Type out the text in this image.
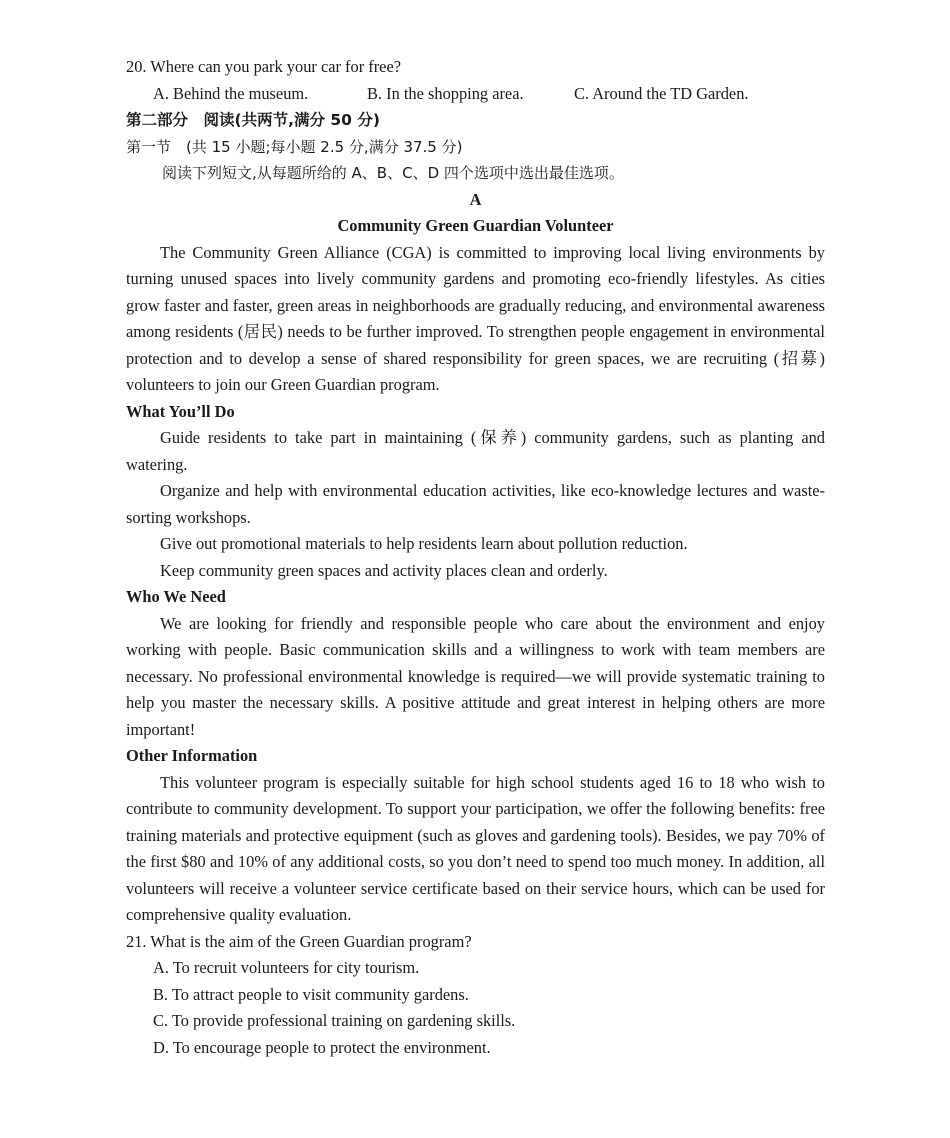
20. Where can you park your car for free?
A. Behind the museum.	B. In the shopping area.	C. Around the TD Garden.
第二部分　阅读(共两节,满分 50 分)
第一节　(共 15 小题;每小题 2.5 分,满分 37.5 分)
阅读下列短文,从每题所给的 A、B、C、D 四个选项中选出最佳选项。
A
Community Green Guardian Volunteer

The Community Green Alliance (CGA) is committed to improving local living environments by turning unused spaces into lively community gardens and promoting eco-friendly lifestyles. As cities grow faster and faster, green areas in neighborhoods are gradually reducing, and environmental awareness among residents (居民) needs to be further improved. To strengthen people engagement in environmental protection and to develop a sense of shared responsibility for green spaces, we are recruiting (招募) volunteers to join our Green Guardian program.

What You’ll Do

Guide residents to take part in maintaining (保养) community gardens, such as planting and watering.

Organize and help with environmental education activities, like eco-knowledge lectures and waste-sorting workshops.

Give out promotional materials to help residents learn about pollution reduction.

Keep community green spaces and activity places clean and orderly.

Who We Need

We are looking for friendly and responsible people who care about the environment and enjoy working with people. Basic communication skills and a willingness to work with team members are necessary. No professional environmental knowledge is required—we will provide systematic training to help you master the necessary skills. A positive attitude and great interest in helping others are more important!

Other Information

This volunteer program is especially suitable for high school students aged 16 to 18 who wish to contribute to community development. To support your participation, we offer the following benefits: free training materials and protective equipment (such as gloves and gardening tools). Besides, we pay 70% of the first $80 and 10% of any additional costs, so you don’t need to spend too much money. In addition, all volunteers will receive a volunteer service certificate based on their service hours, which can be used for comprehensive quality evaluation.

21. What is the aim of the Green Guardian program?
A. To recruit volunteers for city tourism.
B. To attract people to visit community gardens.
C. To provide professional training on gardening skills.
D. To encourage people to protect the environment.
